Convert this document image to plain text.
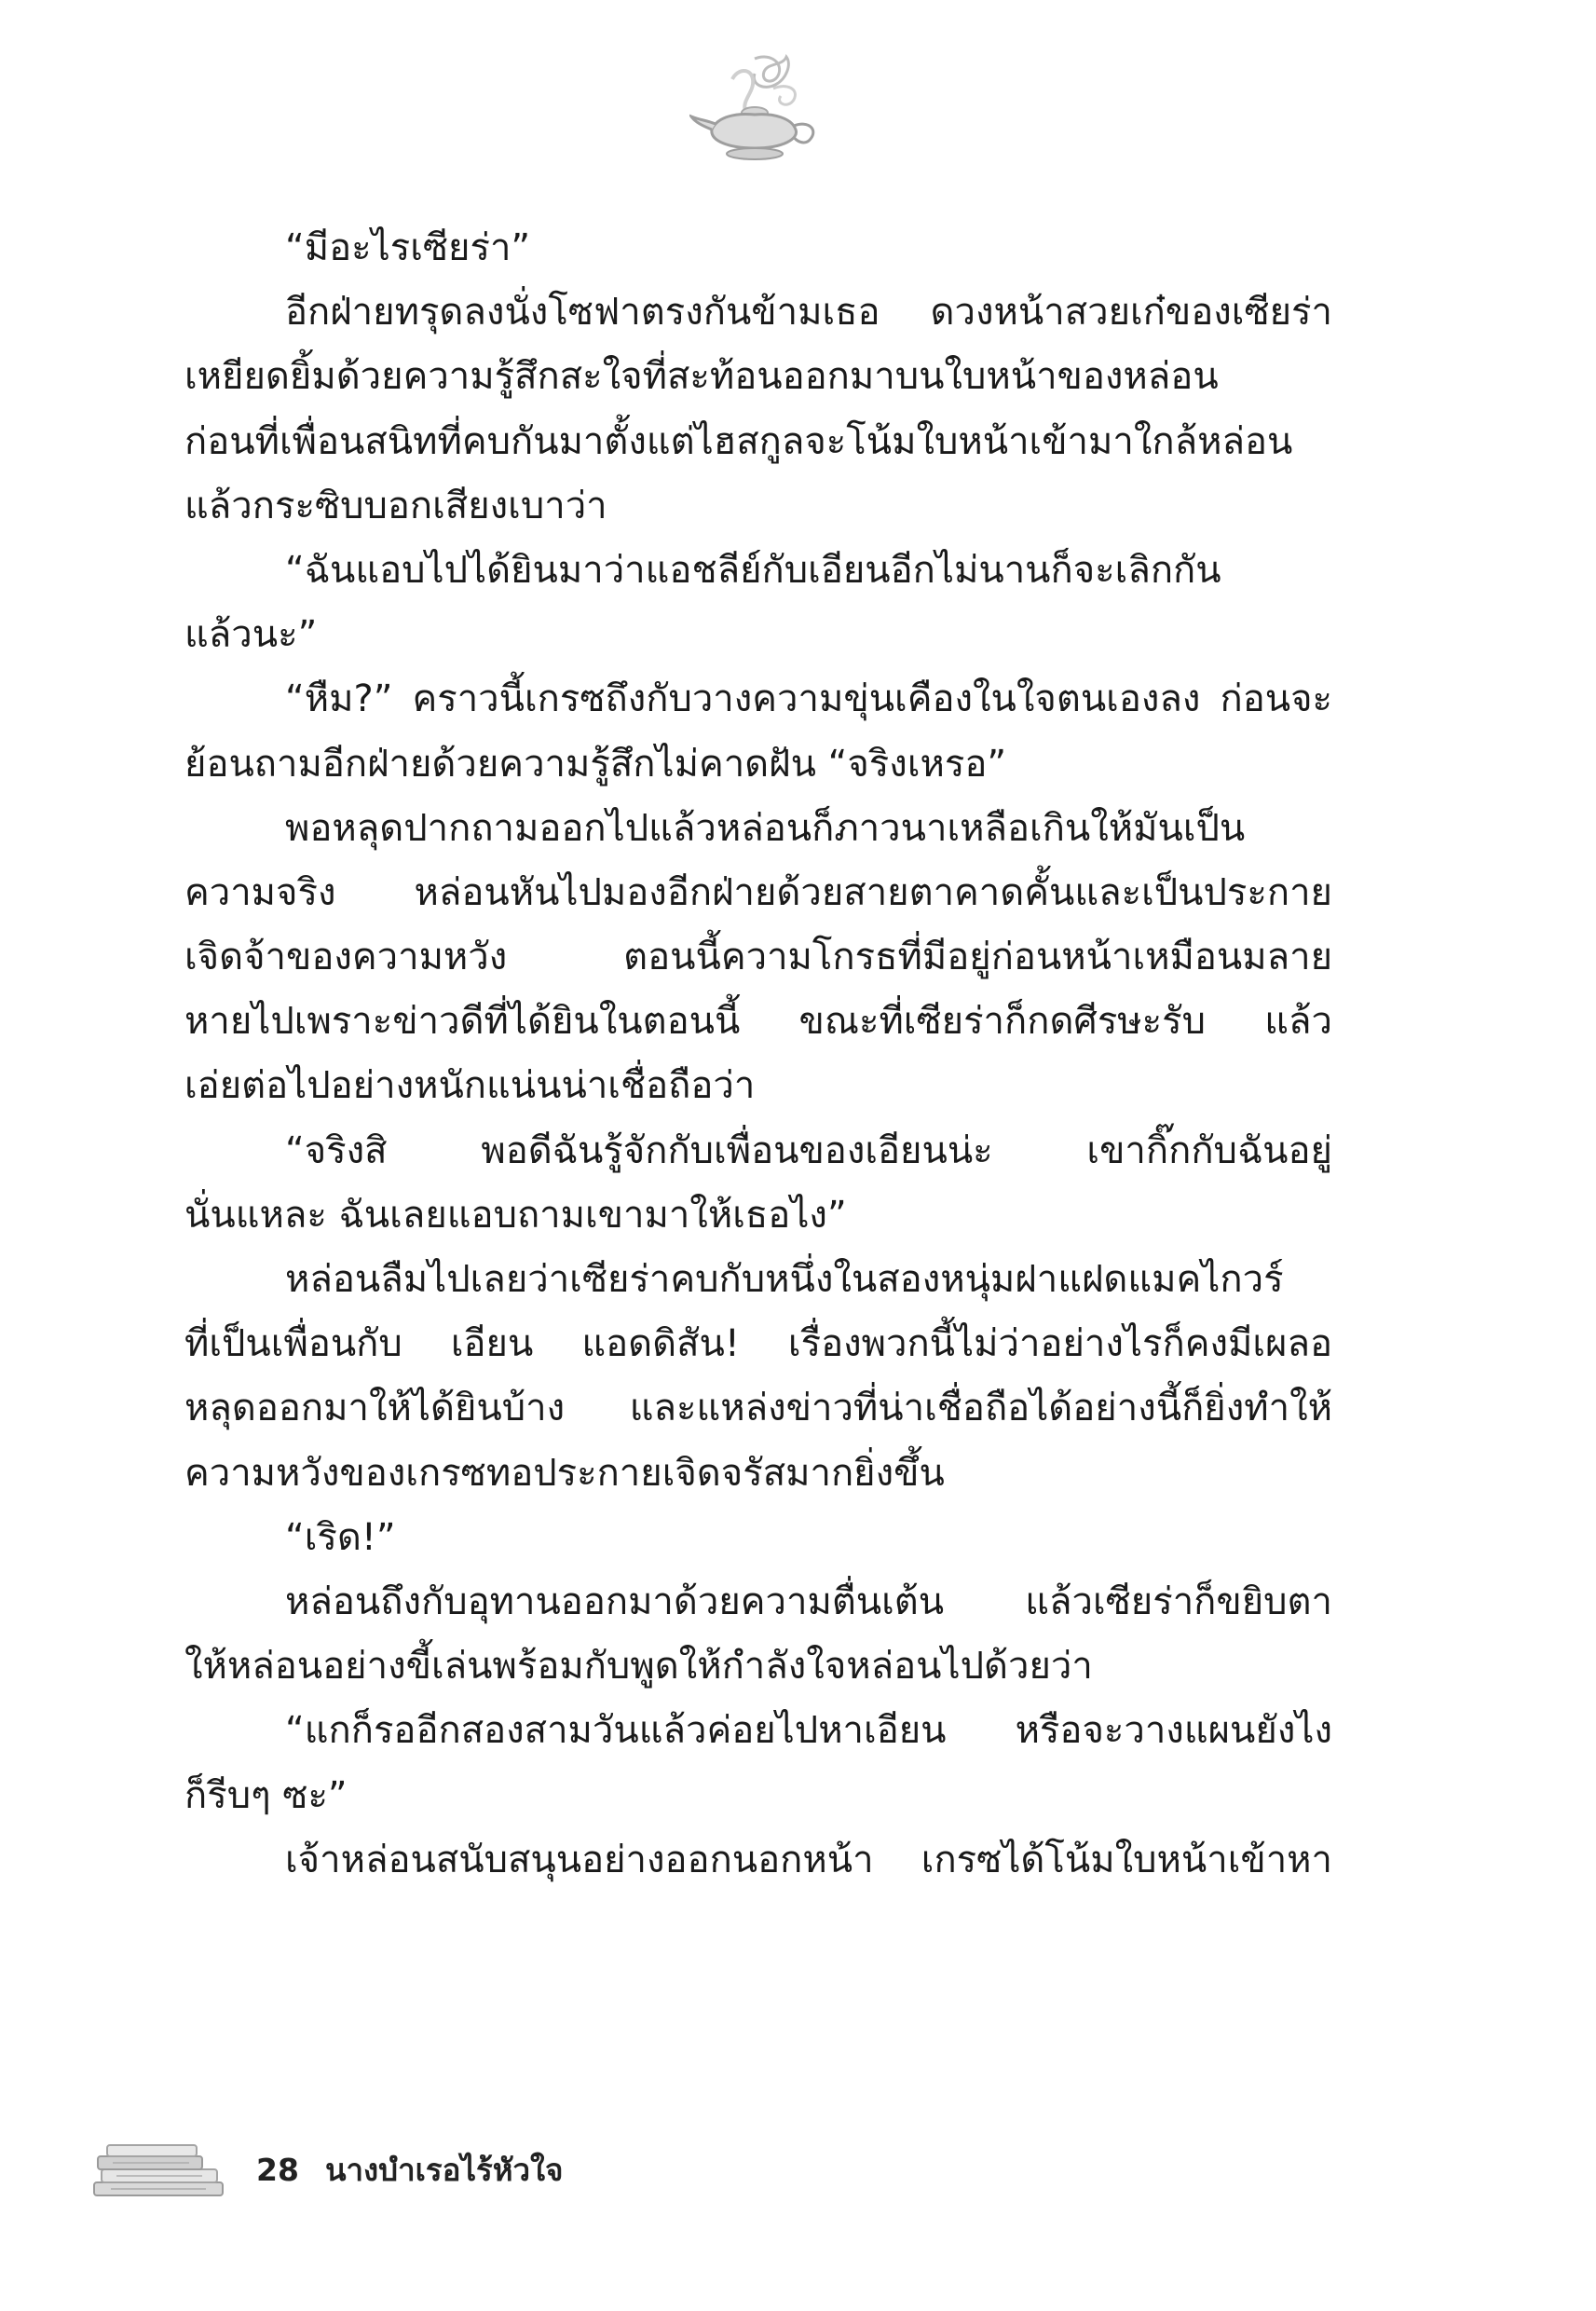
“มีอะไรเซียร่า”
อีกฝ่ายทรุดลงนั่งโซฟาตรงกันข้ามเธอ ดวงหน้าสวยเก๋ของเซียร่า
เหยียดยิ้มด้วยความรู้สึกสะใจที่สะท้อนออกมาบนใบหน้าของหล่อน
ก่อนที่เพื่อนสนิทที่คบกันมาตั้งแต่ไฮสกูลจะโน้มใบหน้าเข้ามาใกล้หล่อน
แล้วกระซิบบอกเสียงเบาว่า
“ฉันแอบไปได้ยินมาว่าแอชลีย์กับเอียนอีกไม่นานก็จะเลิกกัน
แล้วนะ”
“หืม?” คราวนี้เกรซถึงกับวางความขุ่นเคืองในใจตนเองลง ก่อนจะ
ย้อนถามอีกฝ่ายด้วยความรู้สึกไม่คาดฝัน “จริงเหรอ”
พอหลุดปากถามออกไปแล้วหล่อนก็ภาวนาเหลือเกินให้มันเป็น
ความจริง หล่อนหันไปมองอีกฝ่ายด้วยสายตาคาดคั้นและเป็นประกาย
เจิดจ้าของความหวัง ตอนนี้ความโกรธที่มีอยู่ก่อนหน้าเหมือนมลาย
หายไปเพราะข่าวดีที่ได้ยินในตอนนี้ ขณะที่เซียร่าก็กดศีรษะรับ แล้ว
เอ่ยต่อไปอย่างหนักแน่นน่าเชื่อถือว่า
“จริงสิ พอดีฉันรู้จักกับเพื่อนของเอียนน่ะ เขากิ๊กกับฉันอยู่
นั่นแหละ ฉันเลยแอบถามเขามาให้เธอไง”
หล่อนลืมไปเลยว่าเซียร่าคบกับหนึ่งในสองหนุ่มฝาแฝดแมคไกวร์
ที่เป็นเพื่อนกับ เอียน แอดดิสัน! เรื่องพวกนี้ไม่ว่าอย่างไรก็คงมีเผลอ
หลุดออกมาให้ได้ยินบ้าง และแหล่งข่าวที่น่าเชื่อถือได้อย่างนี้ก็ยิ่งทำให้
ความหวังของเกรซทอประกายเจิดจรัสมากยิ่งขึ้น
“เริด!”
หล่อนถึงกับอุทานออกมาด้วยความตื่นเต้น แล้วเซียร่าก็ขยิบตา
ให้หล่อนอย่างขี้เล่นพร้อมกับพูดให้กำลังใจหล่อนไปด้วยว่า
“แกก็รออีกสองสามวันแล้วค่อยไปหาเอียน หรือจะวางแผนยังไง
ก็รีบๆ ซะ”
เจ้าหล่อนสนับสนุนอย่างออกนอกหน้า เกรซได้โน้มใบหน้าเข้าหา
28 นางบำเรอไร้หัวใจ
